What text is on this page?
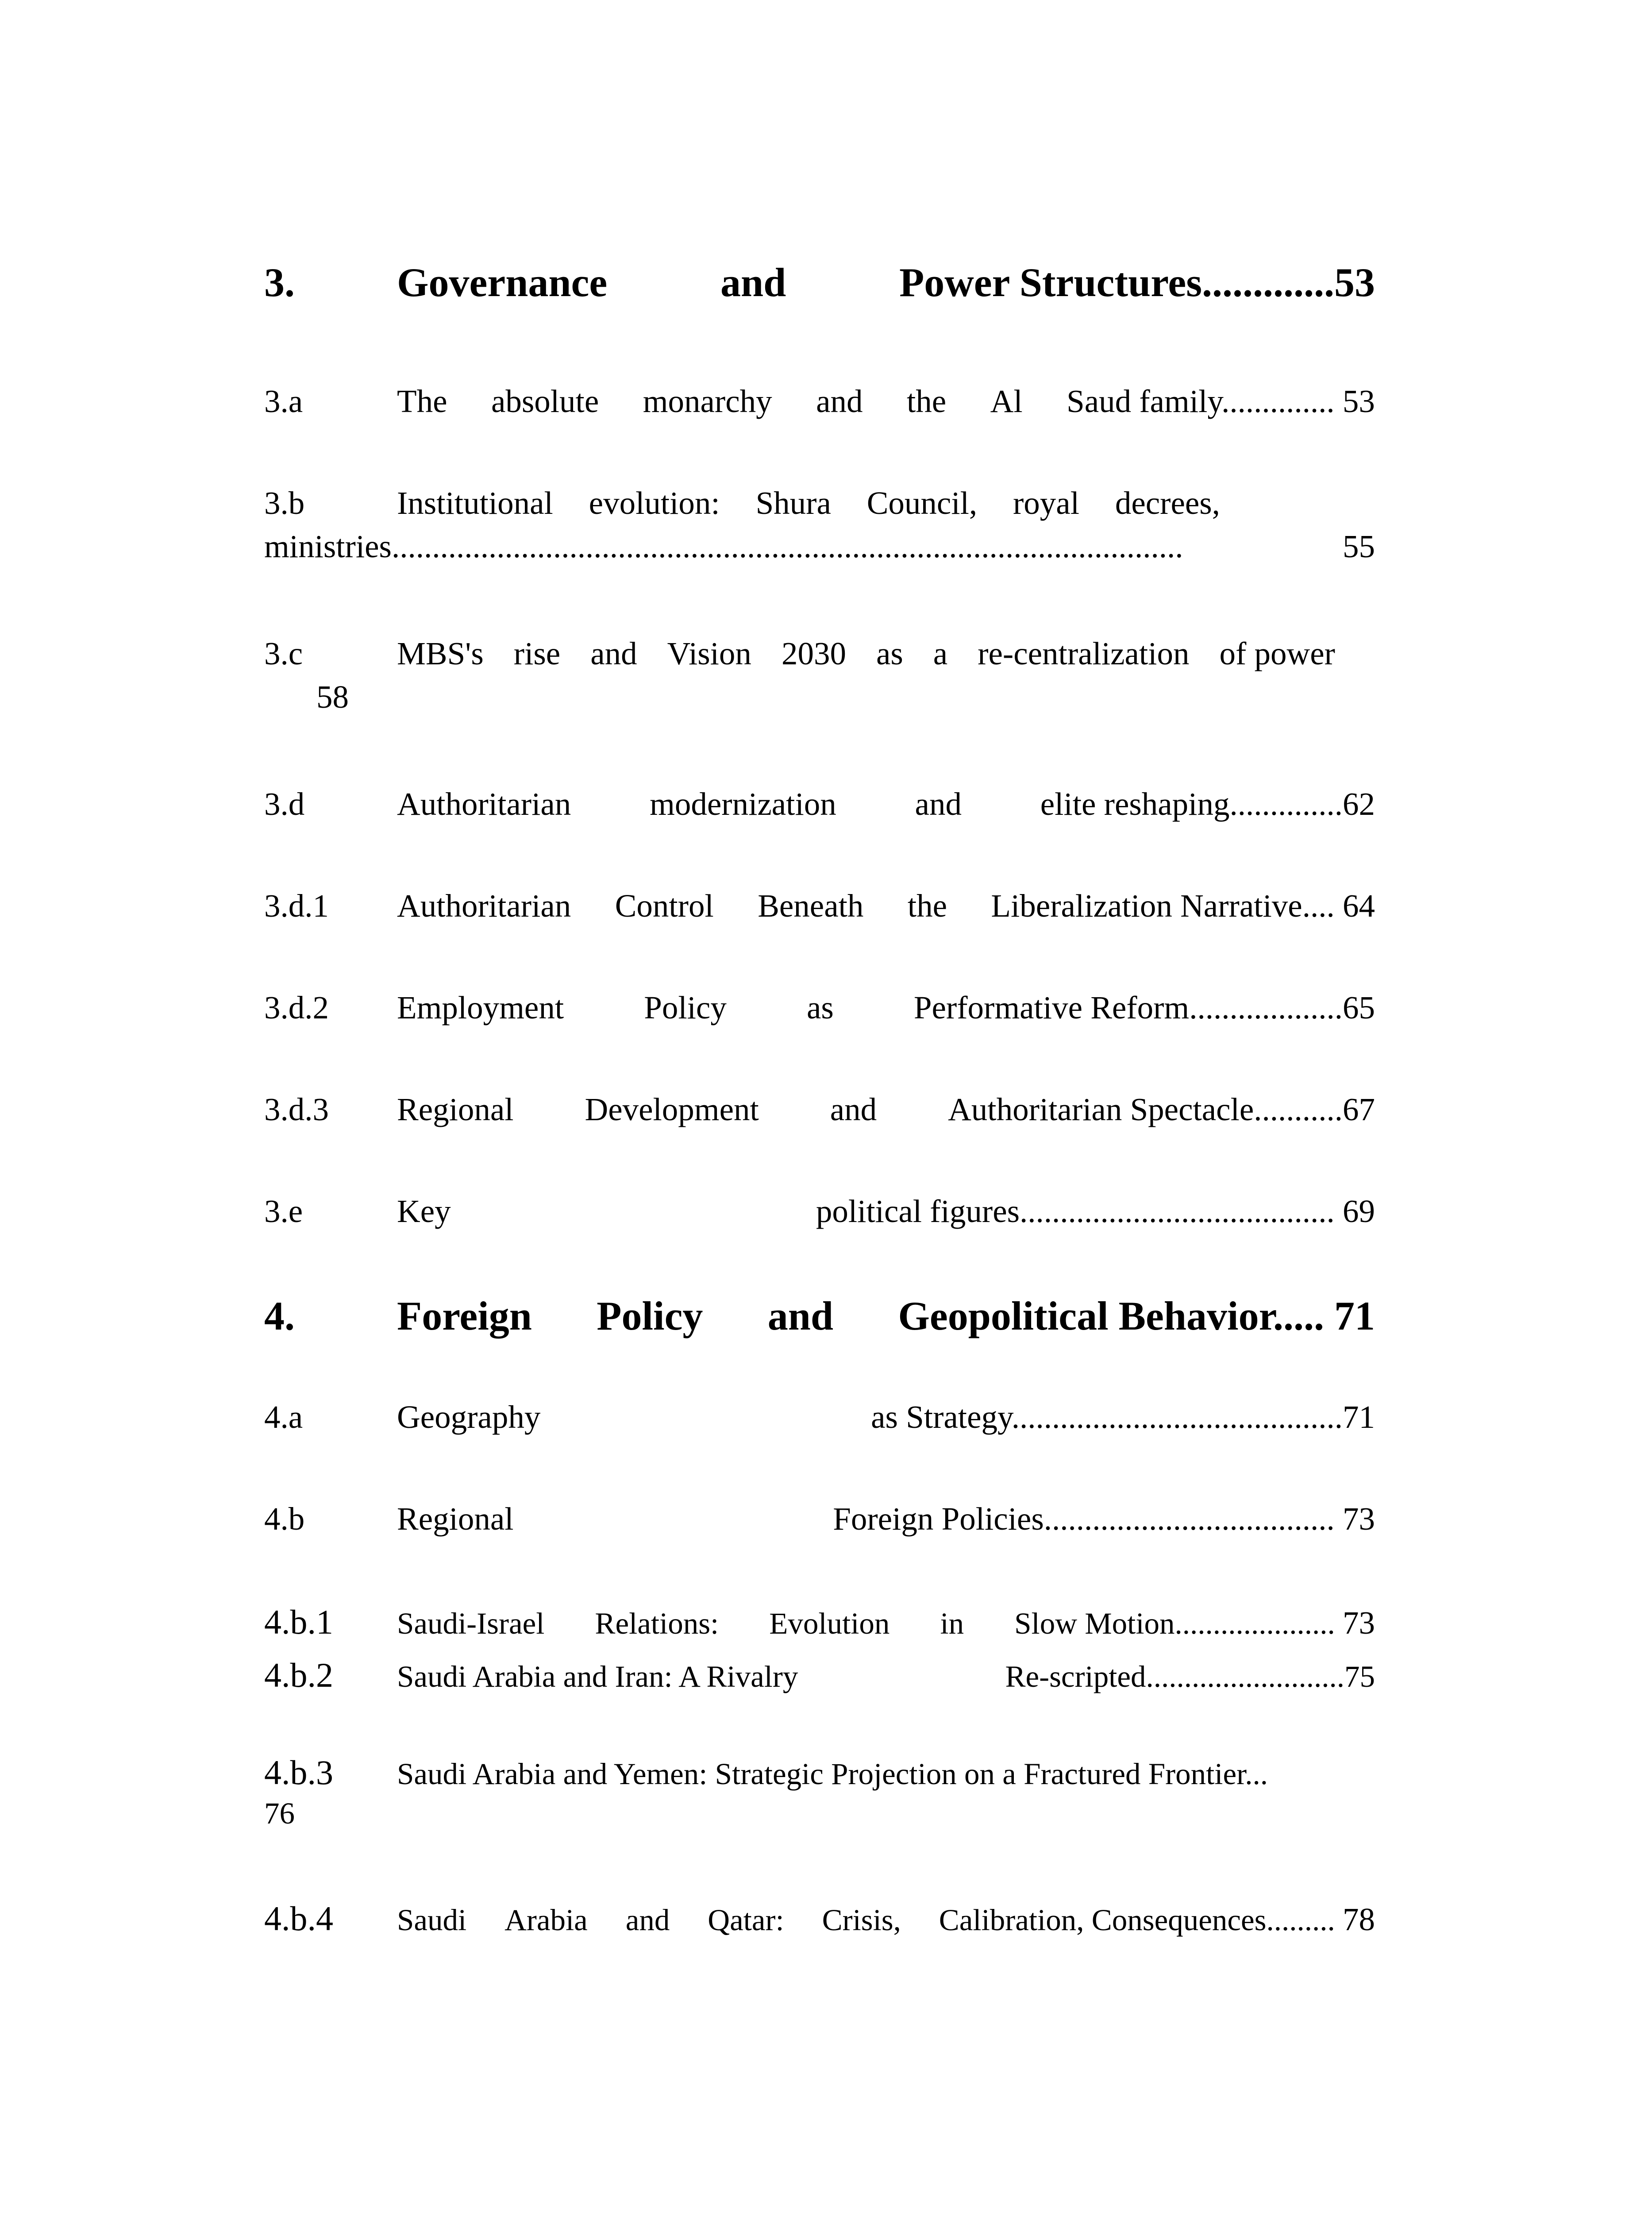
3.	Governance	and	Power Structures.............53
3.a	The absolute monarchy and the Al Saud family.............. 53
3.b	Institutional evolution: Shura Council, royal decrees,
ministries ..................................................................................................	55
3.c	MBS's rise and Vision 2030 as a re-centralization of power
58
3.d	Authoritarian modernization and elite reshaping..............62
3.d.1	Authoritarian Control Beneath the Liberalization Narrative.... 64
3.d.2	Employment Policy as Performative Reform...................65
3.d.3	Regional Development and Authoritarian Spectacle...........67
3.e	Key	political figures....................................... 69
4.	Foreign Policy and Geopolitical Behavior..... 71
4.a	Geography	as Strategy.........................................71
4.b	Regional	Foreign Policies.................................... 73
4.b.1	Saudi-Israel Relations: Evolution in Slow Motion..................... 73
4.b.2	Saudi Arabia and Iran: A Rivalry	Re-scripted..........................75
4.b.3	Saudi Arabia and Yemen: Strategic Projection on a Fractured Frontier...
76
4.b.4	Saudi Arabia and Qatar: Crisis, Calibration, Consequences......... 78
